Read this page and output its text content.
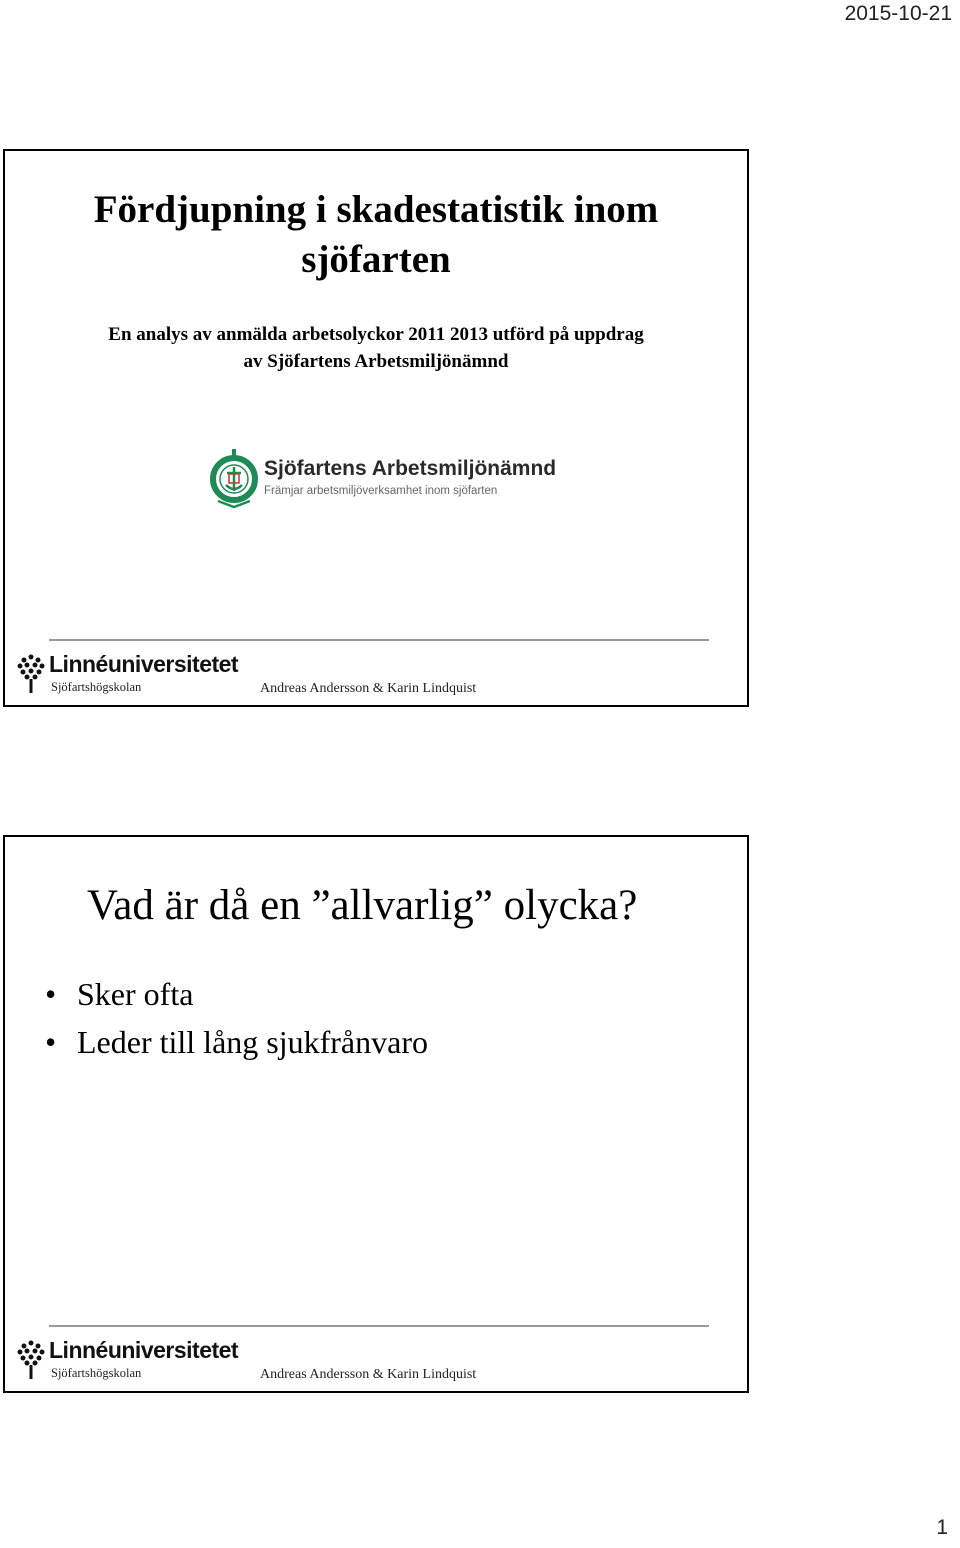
2015-10-21
Fördjupning i skadestatistik inom
sjöfarten
En analys av anmälda arbetsolyckor 2011 2013 utförd på uppdrag
av Sjöfartens Arbetsmiljönämnd
Sjöfartens Arbetsmiljönämnd
Främjar arbetsmiljöverksamhet inom sjöfarten
Linnéuniversitetet
Sjöfartshögskolan	Andreas Andersson & Karin Lindquist
Vad är då en ”allvarlig” olycka?
• Sker ofta
• Leder till lång sjukfrånvaro
Linnéuniversitetet
Sjöfartshögskolan	Andreas Andersson & Karin Lindquist
1
